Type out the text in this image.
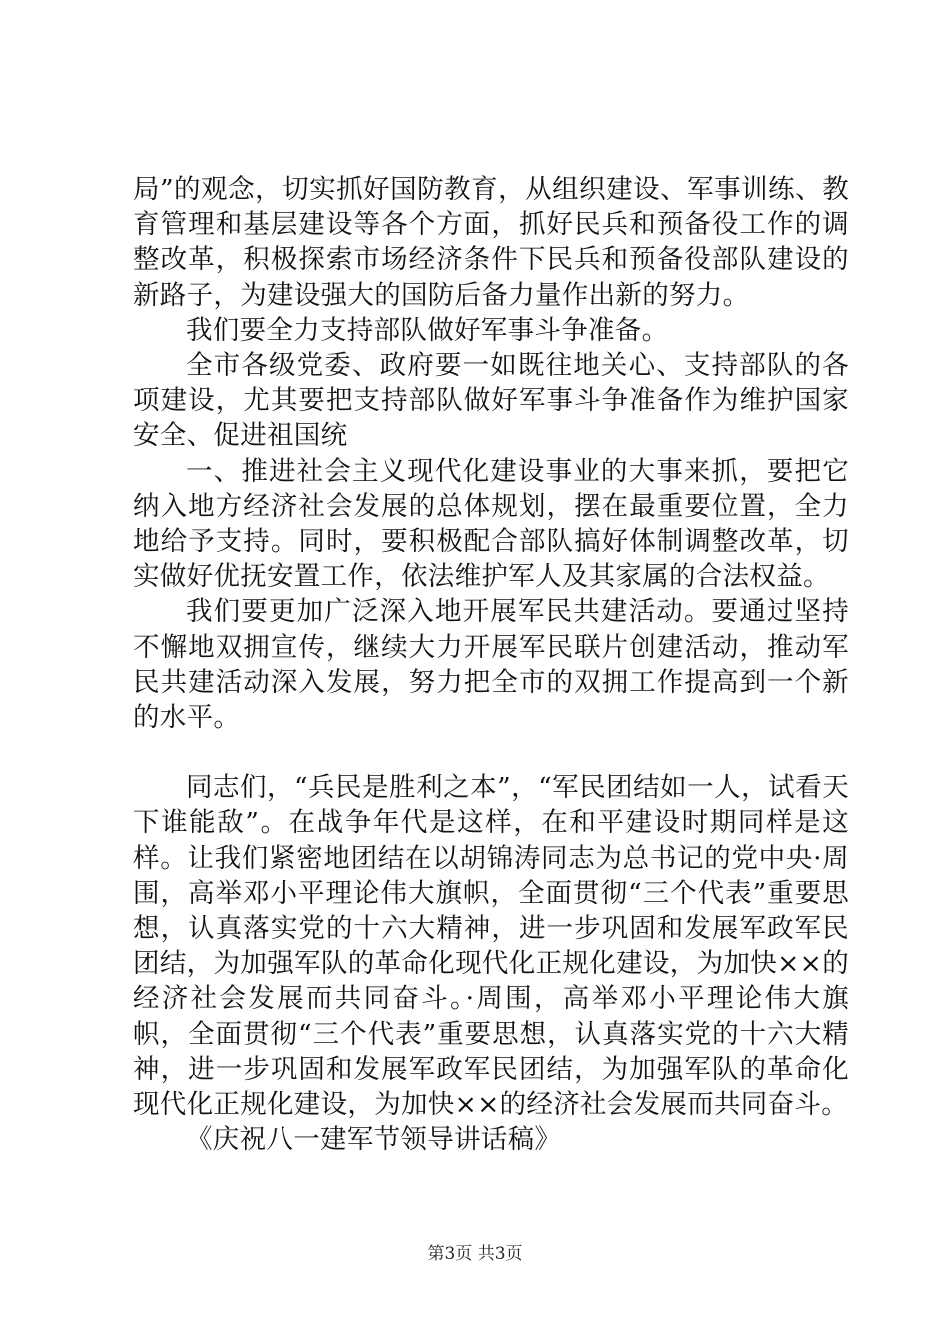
局”的观念，切实抓好国防教育，从组织建设、军事训练、教育管理和基层建设等各个方面，抓好民兵和预备役工作的调整改革，积极探索市场经济条件下民兵和预备役部队建设的新路子，为建设强大的国防后备力量作出新的努力。

我们要全力支持部队做好军事斗争准备。

全市各级党委、政府要一如既往地关心、支持部队的各项建设，尤其要把支持部队做好军事斗争准备作为维护国家安全、促进祖国统

一、推进社会主义现代化建设事业的大事来抓，要把它纳入地方经济社会发展的总体规划，摆在最重要位置，全力地给予支持。同时，要积极配合部队搞好体制调整改革，切实做好优抚安置工作，依法维护军人及其家属的合法权益。

我们要更加广泛深入地开展军民共建活动。要通过坚持不懈地双拥宣传，继续大力开展军民联片创建活动，推动军民共建活动深入发展，努力把全市的双拥工作提高到一个新的水平。

同志们，“兵民是胜利之本”，“军民团结如一人，试看天下谁能敌”。在战争年代是这样，在和平建设时期同样是这样。让我们紧密地团结在以胡锦涛同志为总书记的党中央·周围，高举邓小平理论伟大旗帜，全面贯彻“三个代表”重要思想，认真落实党的十六大精神，进一步巩固和发展军政军民团结，为加强军队的革命化现代化正规化建设，为加快××的经济社会发展而共同奋斗。·周围，高举邓小平理论伟大旗帜，全面贯彻“三个代表”重要思想，认真落实党的十六大精神，进一步巩固和发展军政军民团结，为加强军队的革命化现代化正规化建设，为加快××的经济社会发展而共同奋斗。

《庆祝八一建军节领导讲话稿》

第3页 共3页
